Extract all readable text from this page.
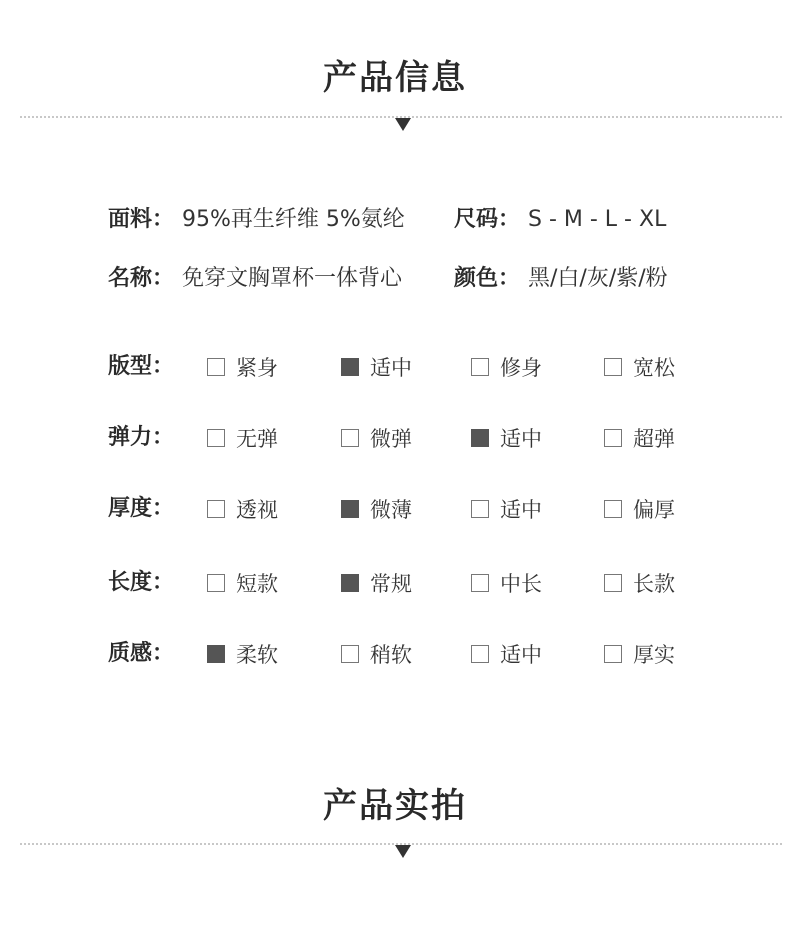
产品信息
面料： 95%再生纤维 5%氨纶 尺码： S - M - L - XL
名称： 免穿文胸罩杯一体背心 颜色： 黑/白/灰/紫/粉
版型：	紧身	适中	修身	宽松
弹力：	无弹	微弹	适中	超弹
厚度：	透视	微薄	适中	偏厚
长度：	短款	常规	中长	长款
质感：	柔软	稍软	适中	厚实
产品实拍
